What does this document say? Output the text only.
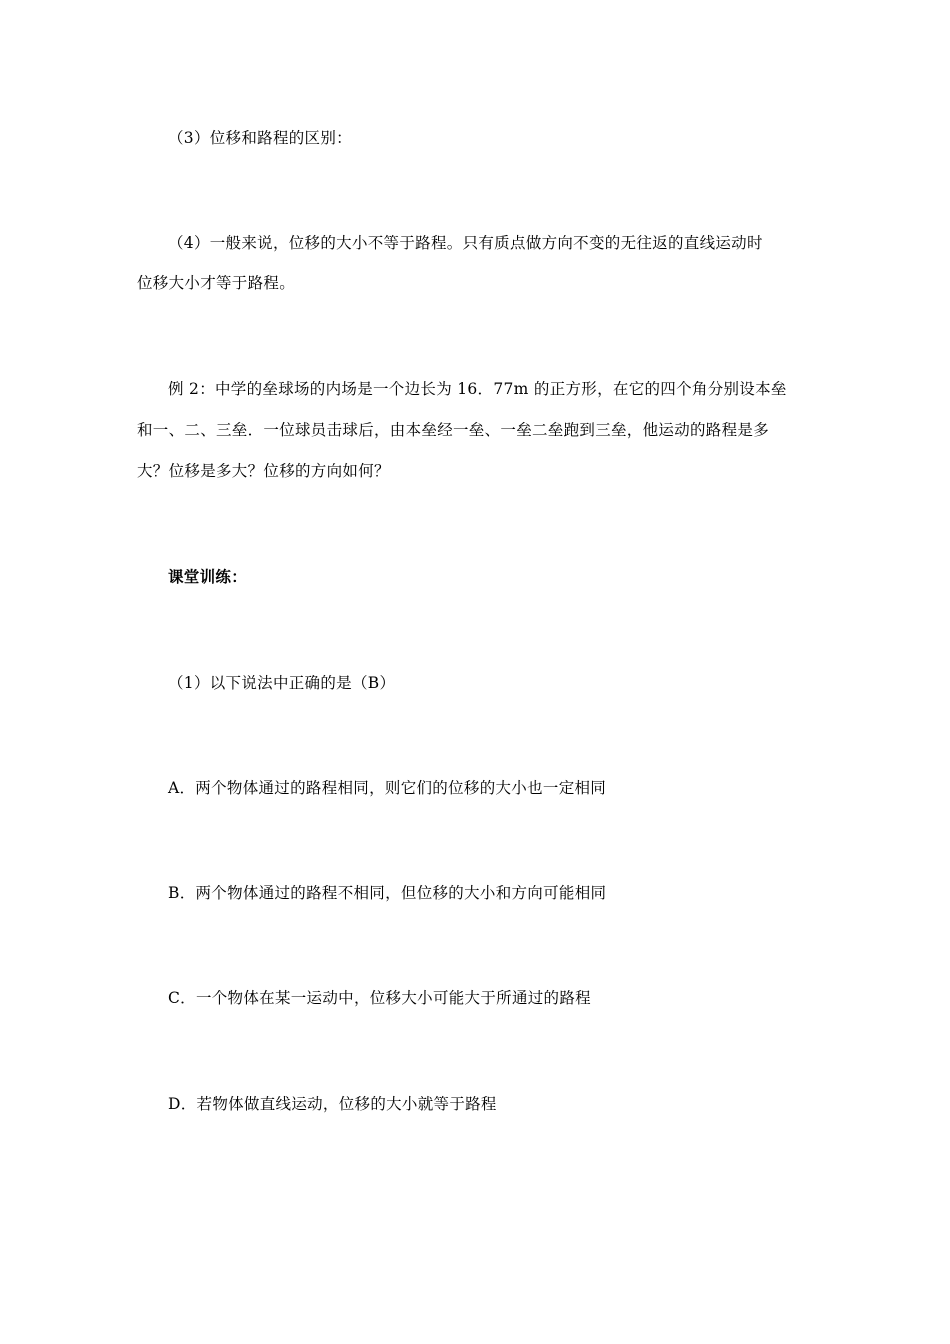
（3）位移和路程的区别：
（4）一般来说，位移的大小不等于路程。只有质点做方向不变的无往返的直线运动时
位移大小才等于路程。
例 2：中学的垒球场的内场是一个边长为 16．77m 的正方形，在它的四个角分别设本垒
和一、二、三垒．一位球员击球后，由本垒经一垒、一垒二垒跑到三垒，他运动的路程是多
大？位移是多大？位移的方向如何？
课堂训练：
（1）以下说法中正确的是（B）
A．两个物体通过的路程相同，则它们的位移的大小也一定相同
B．两个物体通过的路程不相同，但位移的大小和方向可能相同
C．一个物体在某一运动中，位移大小可能大于所通过的路程
D．若物体做直线运动，位移的大小就等于路程
